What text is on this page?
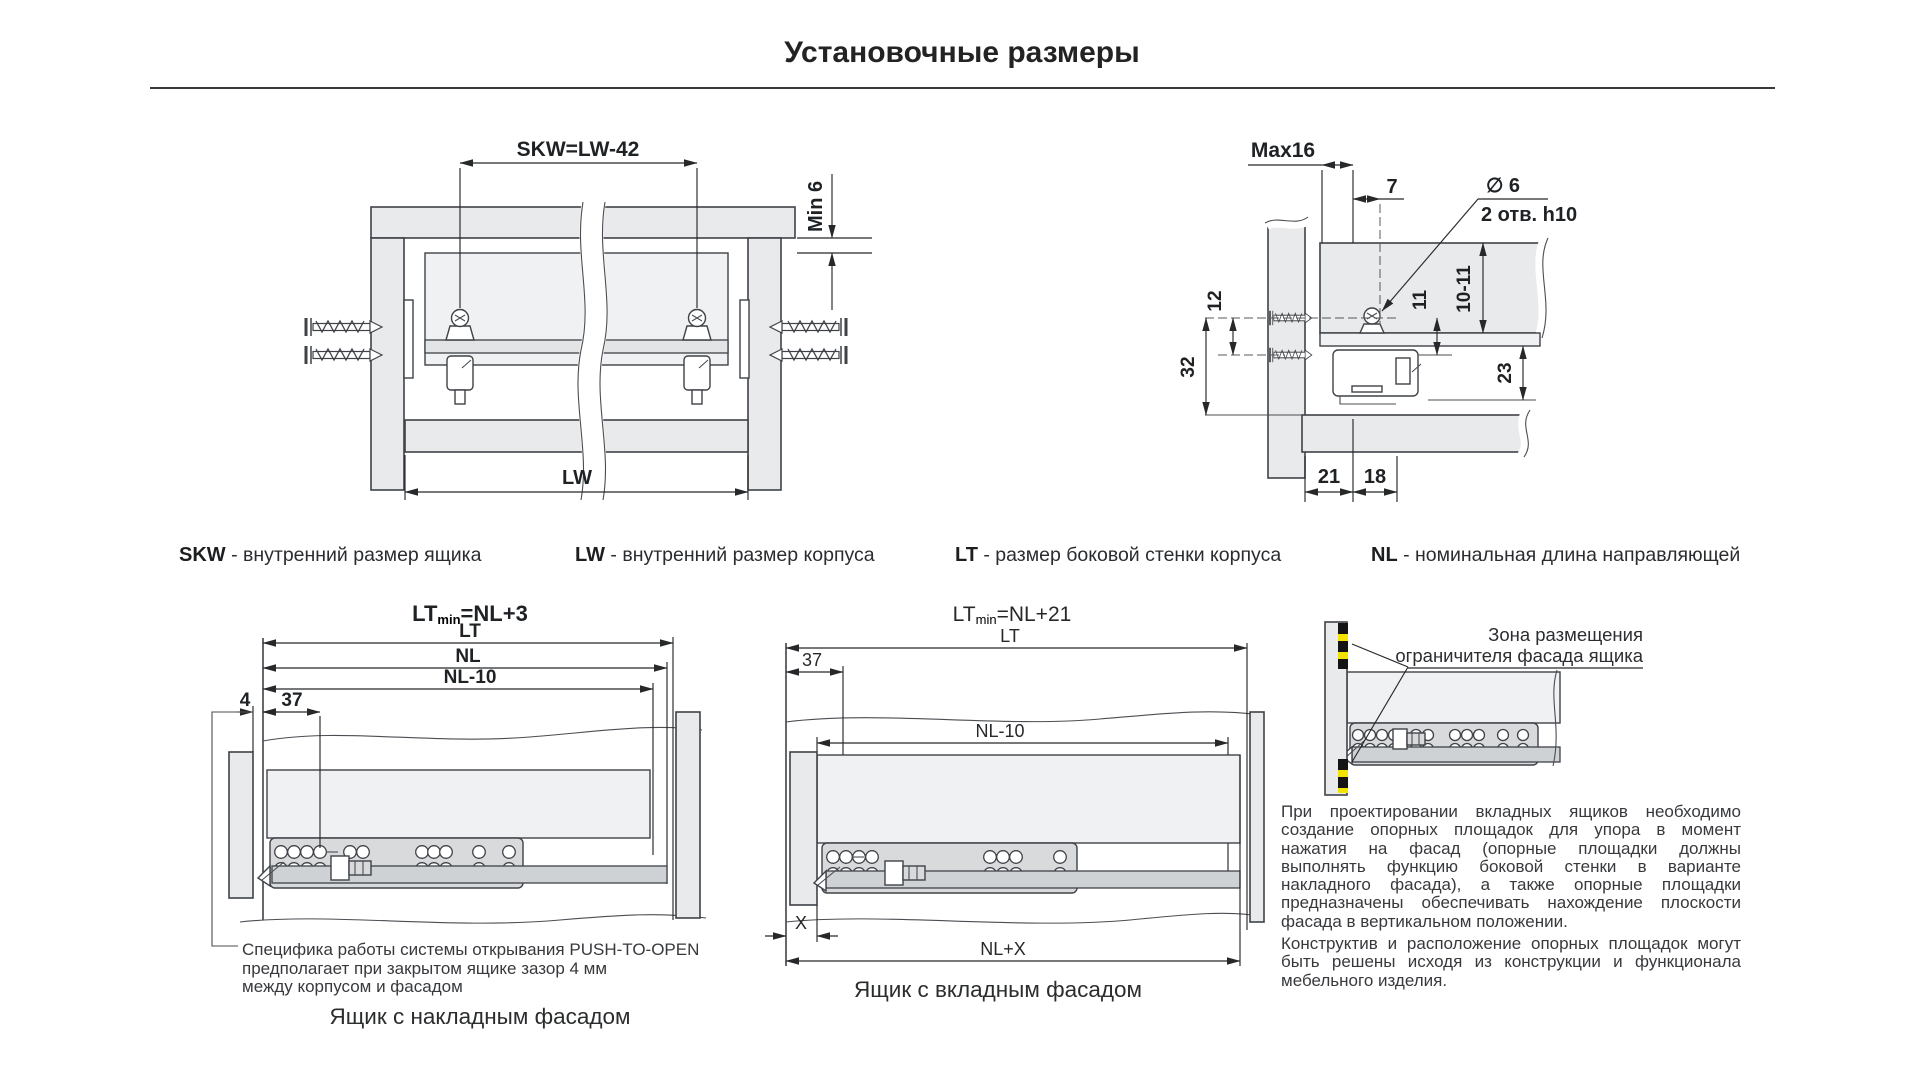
SKW=LW-42
Min 6
LW
Max16
7	∅ 6
2 отв. h10
12
32
11 10-11
23
21 18
LTmin=NL+3
LT
NL
NL-10
4 37
LTmin=NL+21
LT
37
NL-10
X
NL+X
Установочные размеры
SKW - внутренний размер ящика	LW - внутренний размер корпуса	LT - размер боковой стенки корпуса	NL - номинальная длина направляющей
Специфика работы системы открывания PUSH-TO-OPEN
предполагает при закрытом ящике зазор 4 мм
между корпусом и фасадом
Ящик с накладным фасадом
Ящик с вкладным фасадом
Зона размещения
ограничителя фасада ящика
При проектировании вкладных ящиков необходимо создание опорных площадок для упора в момент нажатия на фасад (опорные площадки должны выполнять функцию боковой стенки в варианте накладного фасада), а также опорные площадки предназначены обеспечивать нахождение плоскости фасада в вертикальном положении.
Конструктив и расположение опорных площадок могут быть решены исходя из конструкции и функционала мебельного изделия.
